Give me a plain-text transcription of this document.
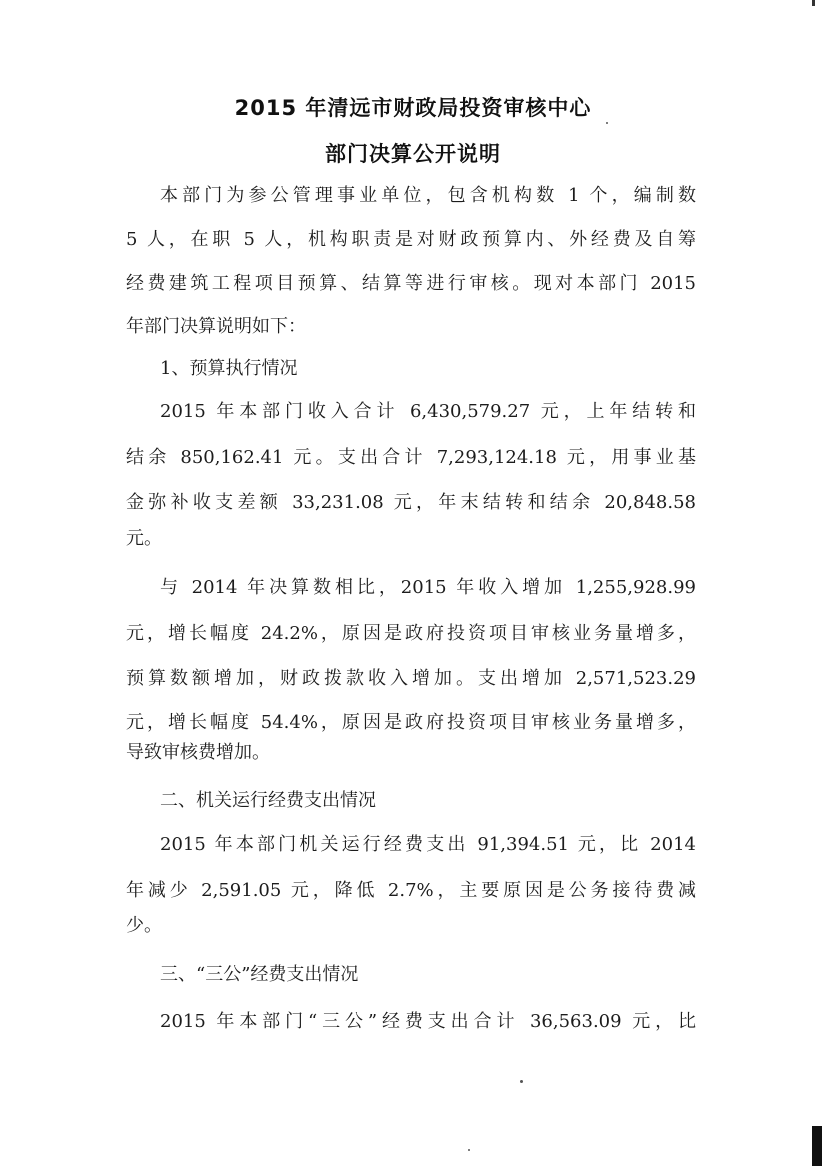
2015 年清远市财政局投资审核中心
部门决算公开说明
本部门为参公管理事业单位，包含机构数 1 个，编制数
5 人，在职 5 人，机构职责是对财政预算内、外经费及自筹
经费建筑工程项目预算、结算等进行审核。现对本部门 2015
年部门决算说明如下：
1、预算执行情况
2015 年本部门收入合计 6,430,579.27 元，上年结转和
结余 850,162.41 元。支出合计 7,293,124.18 元，用事业基
金弥补收支差额 33,231.08 元，年末结转和结余 20,848.58
元。
与 2014 年决算数相比，2015 年收入增加 1,255,928.99
元，增长幅度 24.2%，原因是政府投资项目审核业务量增多，
预算数额增加，财政拨款收入增加。支出增加 2,571,523.29
元，增长幅度 54.4%，原因是政府投资项目审核业务量增多，
导致审核费增加。
二、机关运行经费支出情况
2015 年本部门机关运行经费支出 91,394.51 元，比 2014
年减少 2,591.05 元，降低 2.7%，主要原因是公务接待费减
少。
三、“三公”经费支出情况
2015 年本部门“三公”经费支出合计 36,563.09 元，比
